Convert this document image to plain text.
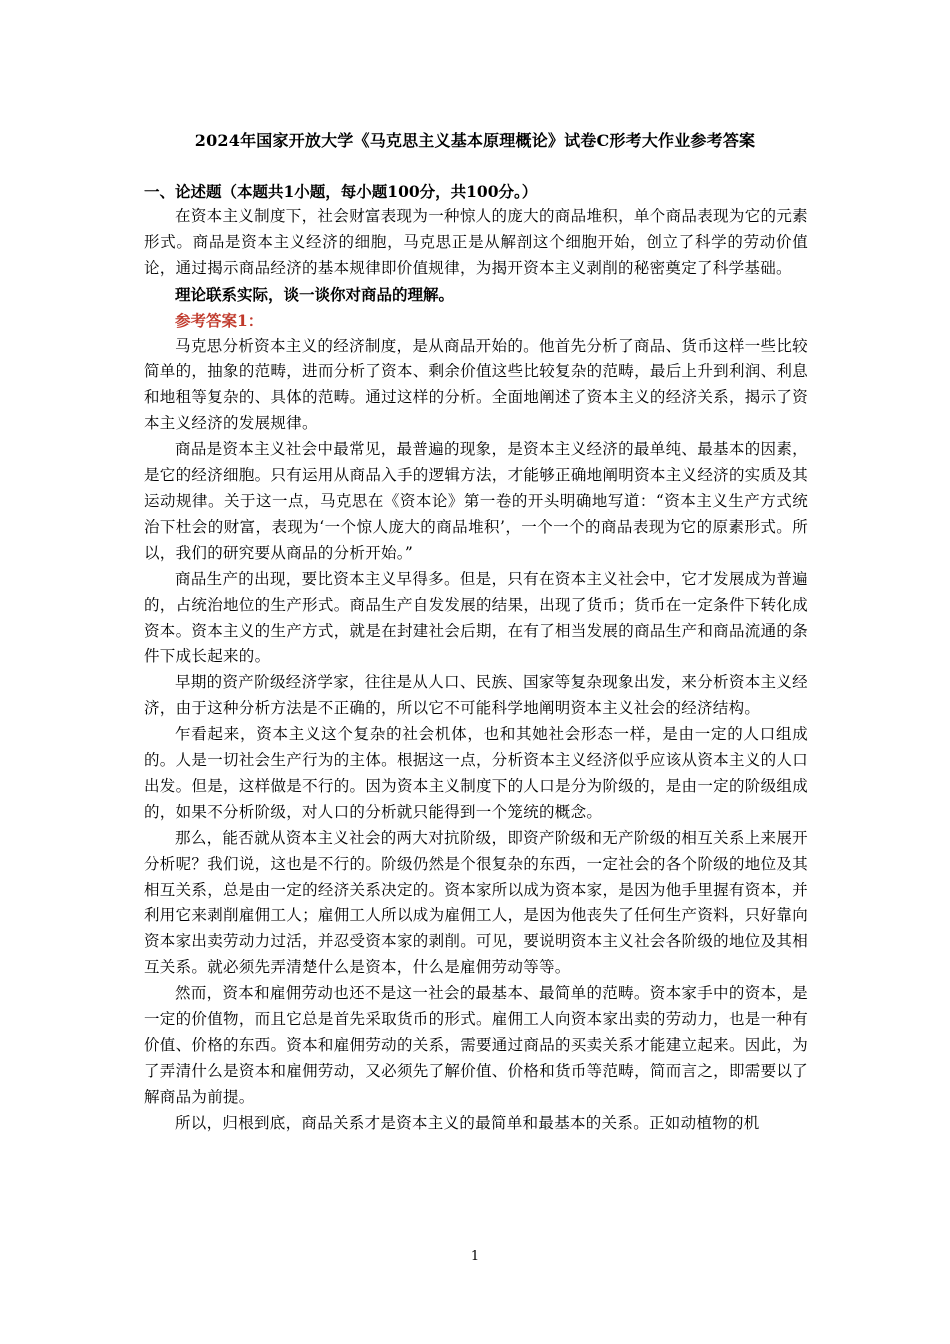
2024年国家开放大学《马克思主义基本原理概论》试卷C形考大作业参考答案

一、论述题（本题共1小题，每小题100分，共100分。）

在资本主义制度下，社会财富表现为一种惊人的庞大的商品堆积，单个商品表现为它的元素形式。商品是资本主义经济的细胞，马克思正是从解剖这个细胞开始，创立了科学的劳动价值论，通过揭示商品经济的基本规律即价值规律，为揭开资本主义剥削的秘密奠定了科学基础。

理论联系实际，谈一谈你对商品的理解。

参考答案1：

马克思分析资本主义的经济制度，是从商品开始的。他首先分析了商品、货币这样一些比较简单的，抽象的范畴，进而分析了资本、剩余价值这些比较复杂的范畴，最后上升到利润、利息和地租等复杂的、具体的范畴。通过这样的分析。全面地阐述了资本主义的经济关系，揭示了资本主义经济的发展规律。

商品是资本主义社会中最常见，最普遍的现象，是资本主义经济的最单纯、最基本的因素，是它的经济细胞。只有运用从商品入手的逻辑方法，才能够正确地阐明资本主义经济的实质及其运动规律。关于这一点，马克思在《资本论》第一卷的开头明确地写道：“资本主义生产方式统治下杜会的财富，表现为‘一个惊人庞大的商品堆积’，一个一个的商品表现为它的原素形式。所以，我们的研究要从商品的分析开始。”

商品生产的出现，要比资本主义早得多。但是，只有在资本主义社会中，它才发展成为普遍的，占统治地位的生产形式。商品生产自发发展的结果，出现了货币；货币在一定条件下转化成资本。资本主义的生产方式，就是在封建社会后期，在有了相当发展的商品生产和商品流通的条件下成长起来的。

早期的资产阶级经济学家，往往是从人口、民族、国家等复杂现象出发，来分析资本主义经济，由于这种分析方法是不正确的，所以它不可能科学地阐明资本主义社会的经济结构。

乍看起来，资本主义这个复杂的社会机体，也和其她社会形态一样，是由一定的人口组成的。人是一切社会生产行为的主体。根据这一点，分析资本主义经济似乎应该从资本主义的人口出发。但是，这样做是不行的。因为资本主义制度下的人口是分为阶级的，是由一定的阶级组成的，如果不分析阶级，对人口的分析就只能得到一个笼统的概念。

那么，能否就从资本主义社会的两大对抗阶级，即资产阶级和无产阶级的相互关系上来展开分析呢？我们说，这也是不行的。阶级仍然是个很复杂的东西，一定社会的各个阶级的地位及其相互关系，总是由一定的经济关系决定的。资本家所以成为资本家，是因为他手里握有资本，并利用它来剥削雇佣工人；雇佣工人所以成为雇佣工人，是因为他丧失了任何生产资料，只好靠向资本家出卖劳动力过活，并忍受资本家的剥削。可见，要说明资本主义社会各阶级的地位及其相互关系。就必须先弄清楚什么是资本，什么是雇佣劳动等等。

然而，资本和雇佣劳动也还不是这一社会的最基本、最简单的范畴。资本家手中的资本，是一定的价值物，而且它总是首先采取货币的形式。雇佣工人向资本家出卖的劳动力，也是一种有价值、价格的东西。资本和雇佣劳动的关系，需要通过商品的买卖关系才能建立起来。因此，为了弄清什么是资本和雇佣劳动，又必须先了解价值、价格和货币等范畴，简而言之，即需要以了解商品为前提。

所以，归根到底，商品关系才是资本主义的最简单和最基本的关系。正如动植物的机

1
